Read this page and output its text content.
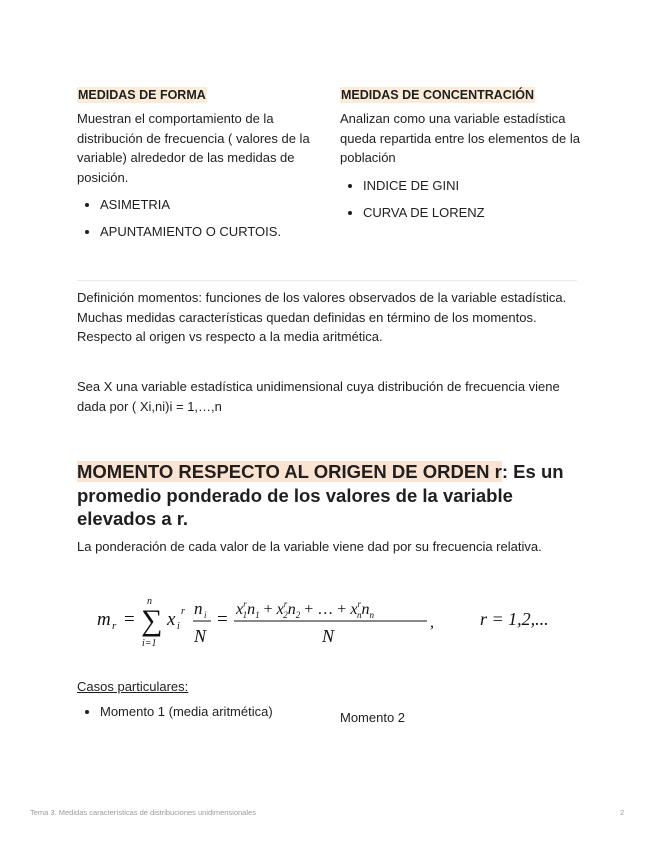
MEDIDAS DE FORMA

Muestran el comportamiento de la distribución de frecuencia ( valores de la variable) alrededor de las medidas de posición.

• ASIMETRIA
• APUNTAMIENTO O CURTOIS.
MEDIDAS DE CONCENTRACIÓN

Analizan como una variable estadística queda repartida entre los elementos de la población

• INDICE DE GINI
• CURVA DE LORENZ

Definición momentos: funciones de los valores observados de la variable estadística. Muchas medidas características quedan definidas en término de los momentos. Respecto al origen vs respecto a la media aritmética.

Sea X una variable estadística unidimensional cuya distribución de frecuencia viene dada por ( Xi,ni)i = 1,…,n

MOMENTO RESPECTO AL ORIGEN DE ORDEN r: Es un promedio ponderado de los valores de la variable elevados a r.

La ponderación de cada valor de la variable viene dad por su frecuencia relativa.

m r = ∑
n
i=1
x i
r n i
N
= $x^r$ $1n_1 + x^r$ $2n_2$ + … + $x^r$ $nn_n$
N
,	r = 1,2,...

Casos particulares:

• Momento 1 (media aritmética)	Momento 2

Tema 3. Medidas características de distribuciones unidimensionales	2
